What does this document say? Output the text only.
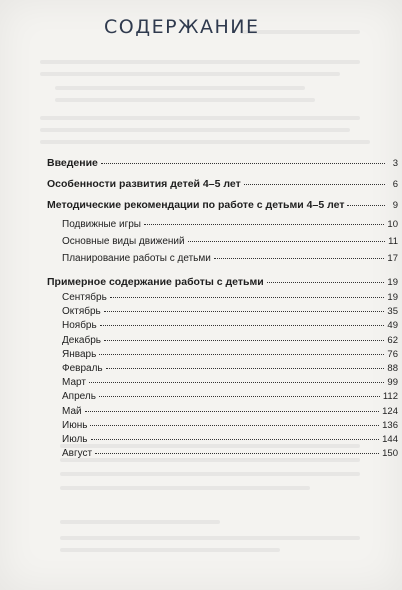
СОДЕРЖАНИЕ
Введение	3
Особенности развития детей 4–5 лет	6
Методические рекомендации по работе с детьми 4–5 лет	9
Подвижные игры	10
Основные виды движений	11
Планирование работы с детьми	17
Примерное содержание работы с детьми	19
Сентябрь	19
Октябрь	35
Ноябрь	49
Декабрь	62
Январь	76
Февраль	88
Март	99
Апрель	112
Май	124
Июнь	136
Июль	144
Август	150
